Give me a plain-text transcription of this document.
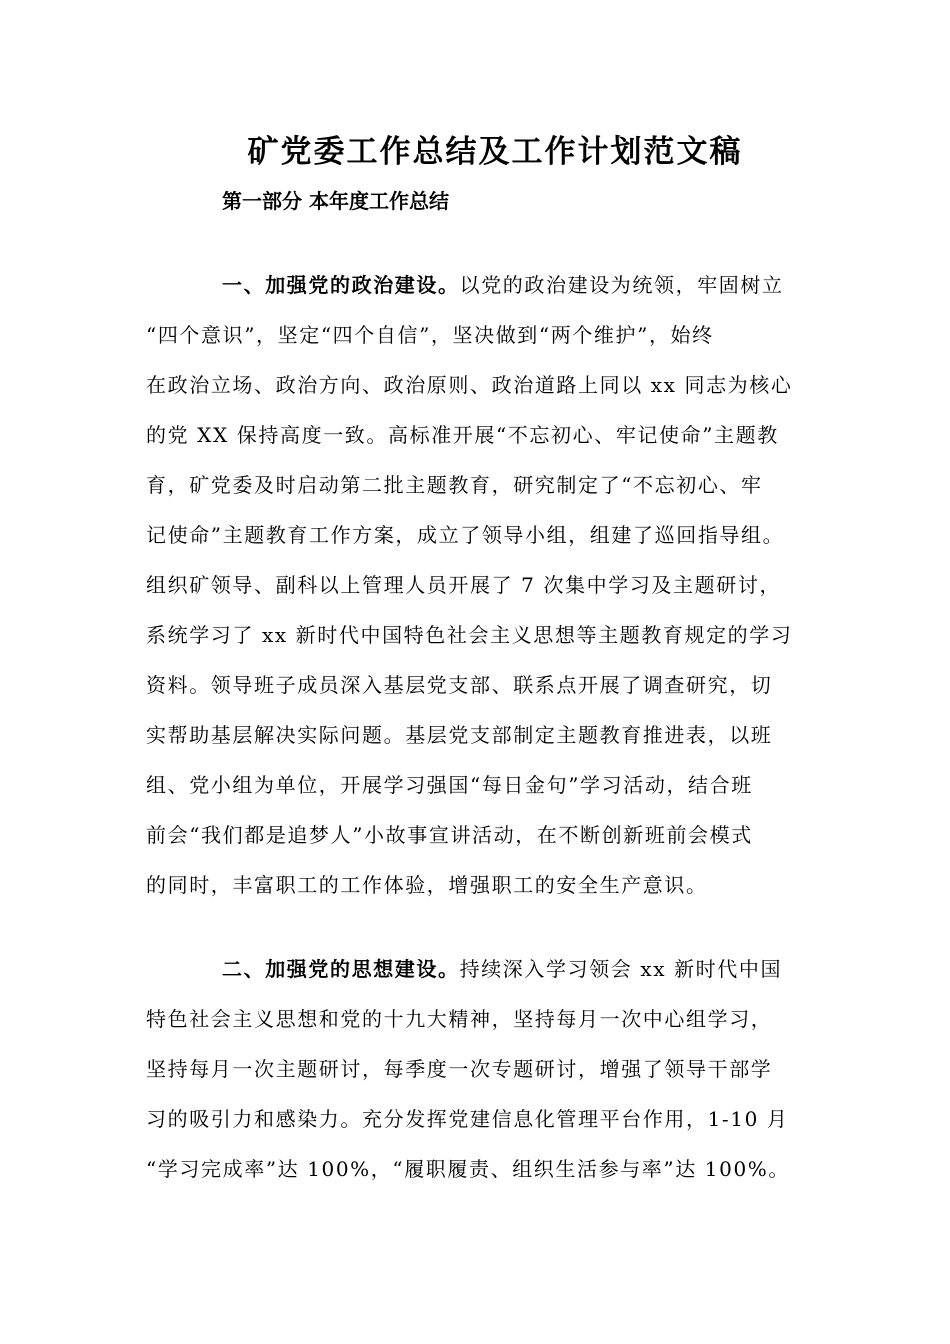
矿党委工作总结及工作计划范文稿
第一部分 本年度工作总结
一、加强党的政治建设。以党的政治建设为统领，牢固树立
“四个意识”，坚定“四个自信”，坚决做到“两个维护”，始终
在政治立场、政治方向、政治原则、政治道路上同以 xx 同志为核心
的党 XX 保持高度一致。高标准开展“不忘初心、牢记使命”主题教
育，矿党委及时启动第二批主题教育，研究制定了“不忘初心、牢
记使命”主题教育工作方案，成立了领导小组，组建了巡回指导组。
组织矿领导、副科以上管理人员开展了 7 次集中学习及主题研讨，
系统学习了 xx 新时代中国特色社会主义思想等主题教育规定的学习
资料。领导班子成员深入基层党支部、联系点开展了调查研究，切
实帮助基层解决实际问题。基层党支部制定主题教育推进表，以班
组、党小组为单位，开展学习强国“每日金句”学习活动，结合班
前会“我们都是追梦人”小故事宣讲活动，在不断创新班前会模式
的同时，丰富职工的工作体验，增强职工的安全生产意识。
二、加强党的思想建设。持续深入学习领会 xx 新时代中国
特色社会主义思想和党的十九大精神，坚持每月一次中心组学习，
坚持每月一次主题研讨，每季度一次专题研讨，增强了领导干部学
习的吸引力和感染力。充分发挥党建信息化管理平台作用，1-10 月
“学习完成率”达 100%，“履职履责、组织生活参与率”达 100%。
